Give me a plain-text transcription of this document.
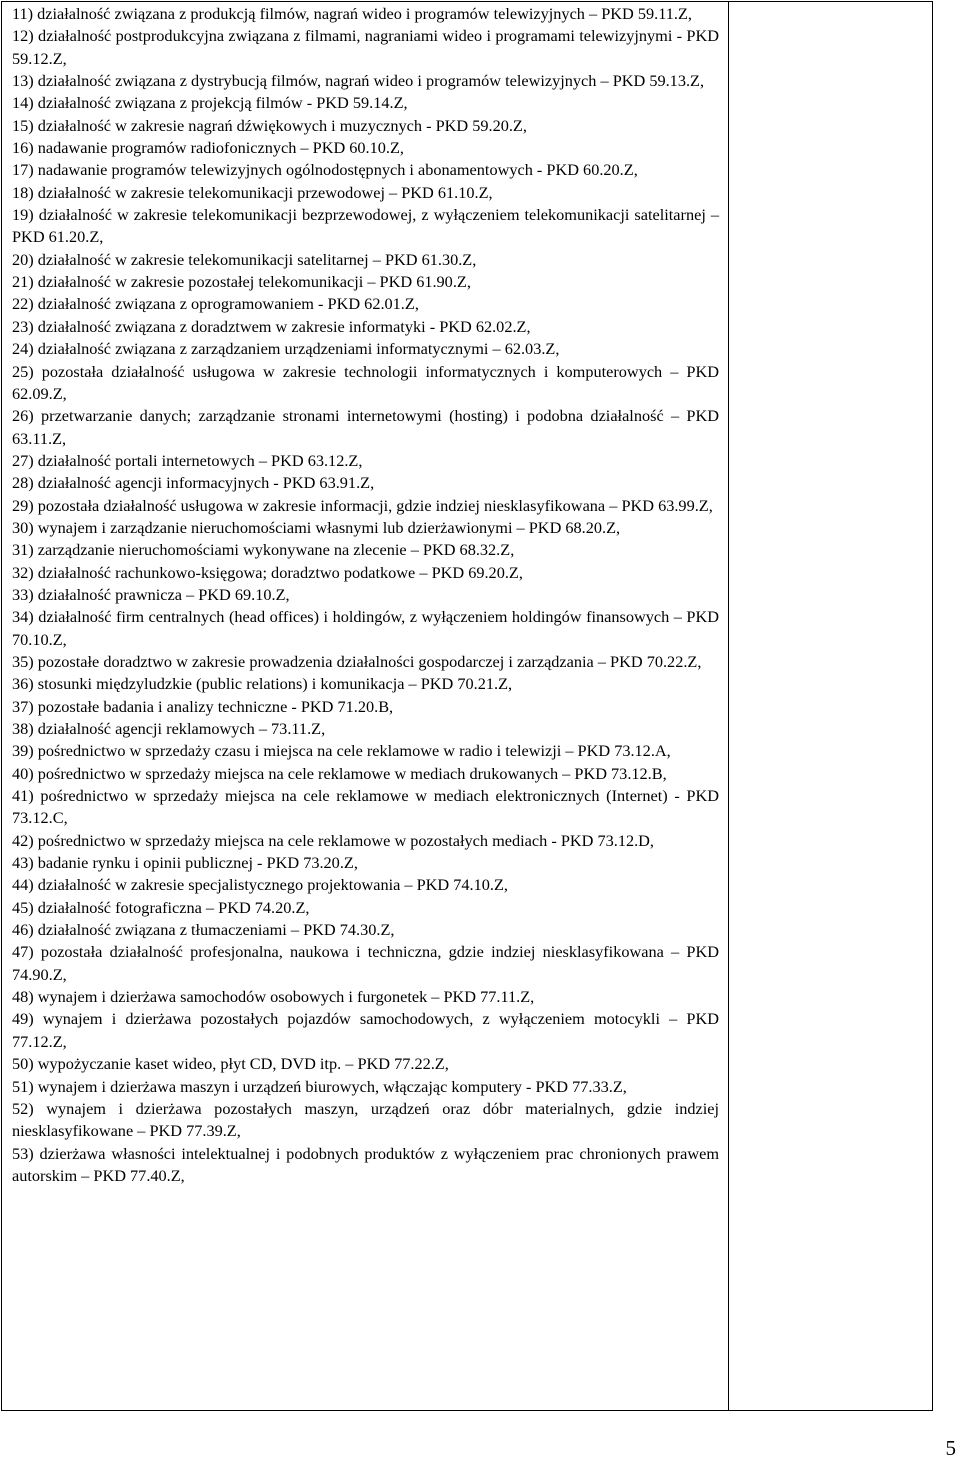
11) działalność związana z produkcją filmów, nagrań wideo i programów telewizyjnych – PKD 59.11.Z,

12) działalność postprodukcyjna związana z filmami, nagraniami wideo i programami telewizyjnymi - PKD 59.12.Z,

13) działalność związana z dystrybucją filmów, nagrań wideo i programów telewizyjnych – PKD 59.13.Z,

14) działalność związana z projekcją filmów - PKD 59.14.Z,

15) działalność w zakresie nagrań dźwiękowych i muzycznych - PKD 59.20.Z,

16) nadawanie programów radiofonicznych – PKD 60.10.Z,

17) nadawanie programów telewizyjnych ogólnodostępnych i abonamentowych - PKD 60.20.Z,

18) działalność w zakresie telekomunikacji przewodowej – PKD 61.10.Z,

19) działalność w zakresie telekomunikacji bezprzewodowej, z wyłączeniem telekomunikacji satelitarnej – PKD 61.20.Z,

20) działalność w zakresie telekomunikacji satelitarnej – PKD 61.30.Z,

21) działalność w zakresie pozostałej telekomunikacji – PKD 61.90.Z,

22) działalność związana z oprogramowaniem - PKD 62.01.Z,

23) działalność związana z doradztwem w zakresie informatyki - PKD 62.02.Z,

24) działalność związana z zarządzaniem urządzeniami informatycznymi – 62.03.Z,

25) pozostała działalność usługowa w zakresie technologii informatycznych i komputerowych – PKD 62.09.Z,

26) przetwarzanie danych; zarządzanie stronami internetowymi (hosting) i podobna działalność – PKD 63.11.Z,

27) działalność portali internetowych – PKD 63.12.Z,

28) działalność agencji informacyjnych - PKD 63.91.Z,

29) pozostała działalność usługowa w zakresie informacji, gdzie indziej niesklasyfikowana – PKD 63.99.Z,

30) wynajem i zarządzanie nieruchomościami własnymi lub dzierżawionymi – PKD 68.20.Z,

31) zarządzanie nieruchomościami wykonywane na zlecenie – PKD 68.32.Z,

32) działalność rachunkowo-księgowa; doradztwo podatkowe – PKD 69.20.Z,

33) działalność prawnicza – PKD 69.10.Z,

34) działalność firm centralnych (head offices) i holdingów, z wyłączeniem holdingów finansowych – PKD 70.10.Z,

35) pozostałe doradztwo w zakresie prowadzenia działalności gospodarczej i zarządzania – PKD 70.22.Z,

36) stosunki międzyludzkie (public relations) i komunikacja – PKD 70.21.Z,

37) pozostałe badania i analizy techniczne - PKD 71.20.B,

38) działalność agencji reklamowych – 73.11.Z,

39) pośrednictwo w sprzedaży czasu i miejsca na cele reklamowe w radio i telewizji – PKD 73.12.A,

40) pośrednictwo w sprzedaży miejsca na cele reklamowe w mediach drukowanych – PKD 73.12.B,

41) pośrednictwo w sprzedaży miejsca na cele reklamowe w mediach elektronicznych (Internet) - PKD 73.12.C,

42) pośrednictwo w sprzedaży miejsca na cele reklamowe w pozostałych mediach - PKD 73.12.D,

43) badanie rynku i opinii publicznej - PKD 73.20.Z,

44) działalność w zakresie specjalistycznego projektowania – PKD 74.10.Z,

45) działalność fotograficzna – PKD 74.20.Z,

46) działalność związana z tłumaczeniami – PKD 74.30.Z,

47) pozostała działalność profesjonalna, naukowa i techniczna, gdzie indziej niesklasyfikowana – PKD 74.90.Z,

48) wynajem i dzierżawa samochodów osobowych i furgonetek – PKD 77.11.Z,

49) wynajem i dzierżawa pozostałych pojazdów samochodowych, z wyłączeniem motocykli – PKD 77.12.Z,

50) wypożyczanie kaset wideo, płyt CD, DVD itp. – PKD 77.22.Z,

51) wynajem i dzierżawa maszyn i urządzeń biurowych, włączając komputery - PKD 77.33.Z,

52) wynajem i dzierżawa pozostałych maszyn, urządzeń oraz dóbr materialnych, gdzie indziej niesklasyfikowane – PKD 77.39.Z,

53) dzierżawa własności intelektualnej i podobnych produktów z wyłączeniem prac chronionych prawem autorskim – PKD 77.40.Z,

5
